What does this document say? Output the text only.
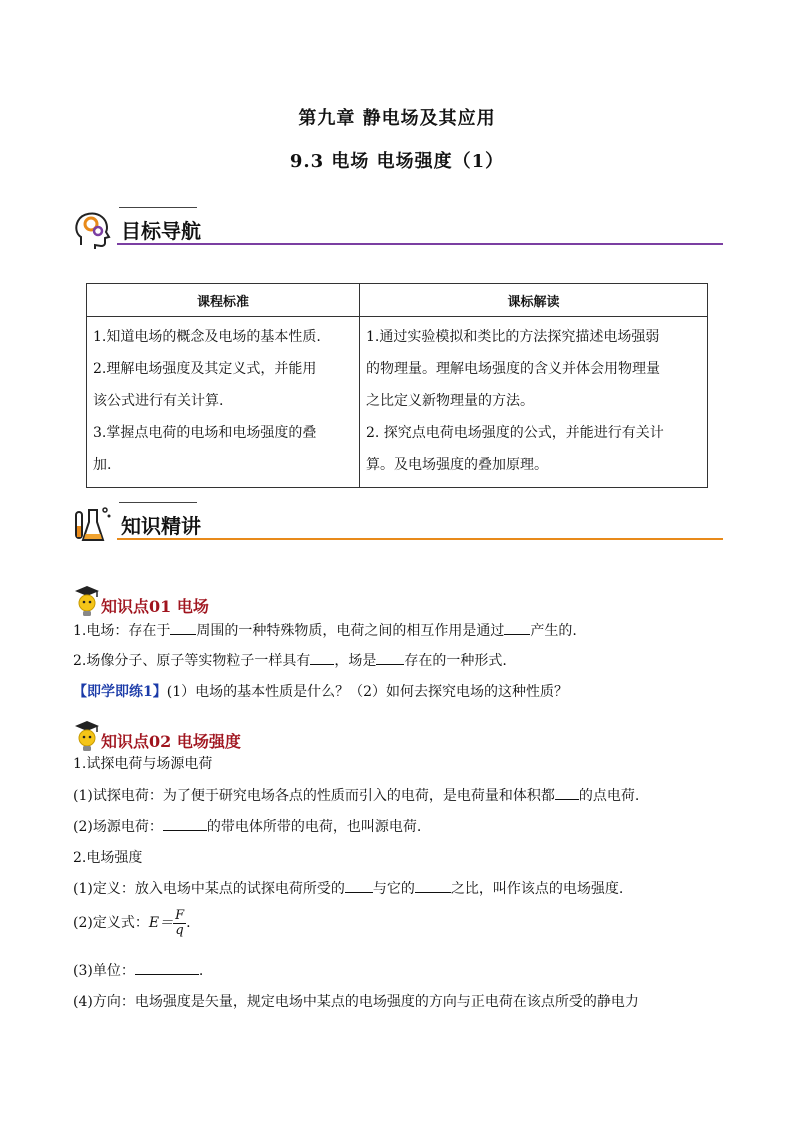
第九章 静电场及其应用
9.3 电场 电场强度（1）
目标导航
课程标准	课标解读

1.知道电场的概念及电场的基本性质.
2.理解电场强度及其定义式，并能用
该公式进行有关计算.
3.掌握点电荷的电场和电场强度的叠
加.	1.通过实验模拟和类比的方法探究描述电场强弱
的物理量。理解电场强度的含义并体会用物理量
之比定义新物理量的方法。
2. 探究点电荷电场强度的公式，并能进行有关计
算。及电场强度的叠加原理。
知识精讲
知识点01 电场
1.电场：存在于 周围的一种特殊物质，电荷之间的相互作用是通过 产生的.
2.场像分子、原子等实物粒子一样具有 ，场是 存在的一种形式.
【即学即练1】(1）电场的基本性质是什么？（2）如何去探究电场的这种性质？
知识点02 电场强度
1.试探电荷与场源电荷
(1)试探电荷：为了便于研究电场各点的性质而引入的电荷，是电荷量和体积都 的点电荷.
(2)场源电荷：	的带电体所带的电荷，也叫源电荷.
2.电场强度
(1)定义：放入电场中某点的试探电荷所受的 与它的	之比，叫作该点的电场强度.
(2)定义式：$E= \frac{F}{q}$ .
(3)单位：	.
(4)方向：电场强度是矢量，规定电场中某点的电场强度的方向与正电荷在该点所受的静电力
